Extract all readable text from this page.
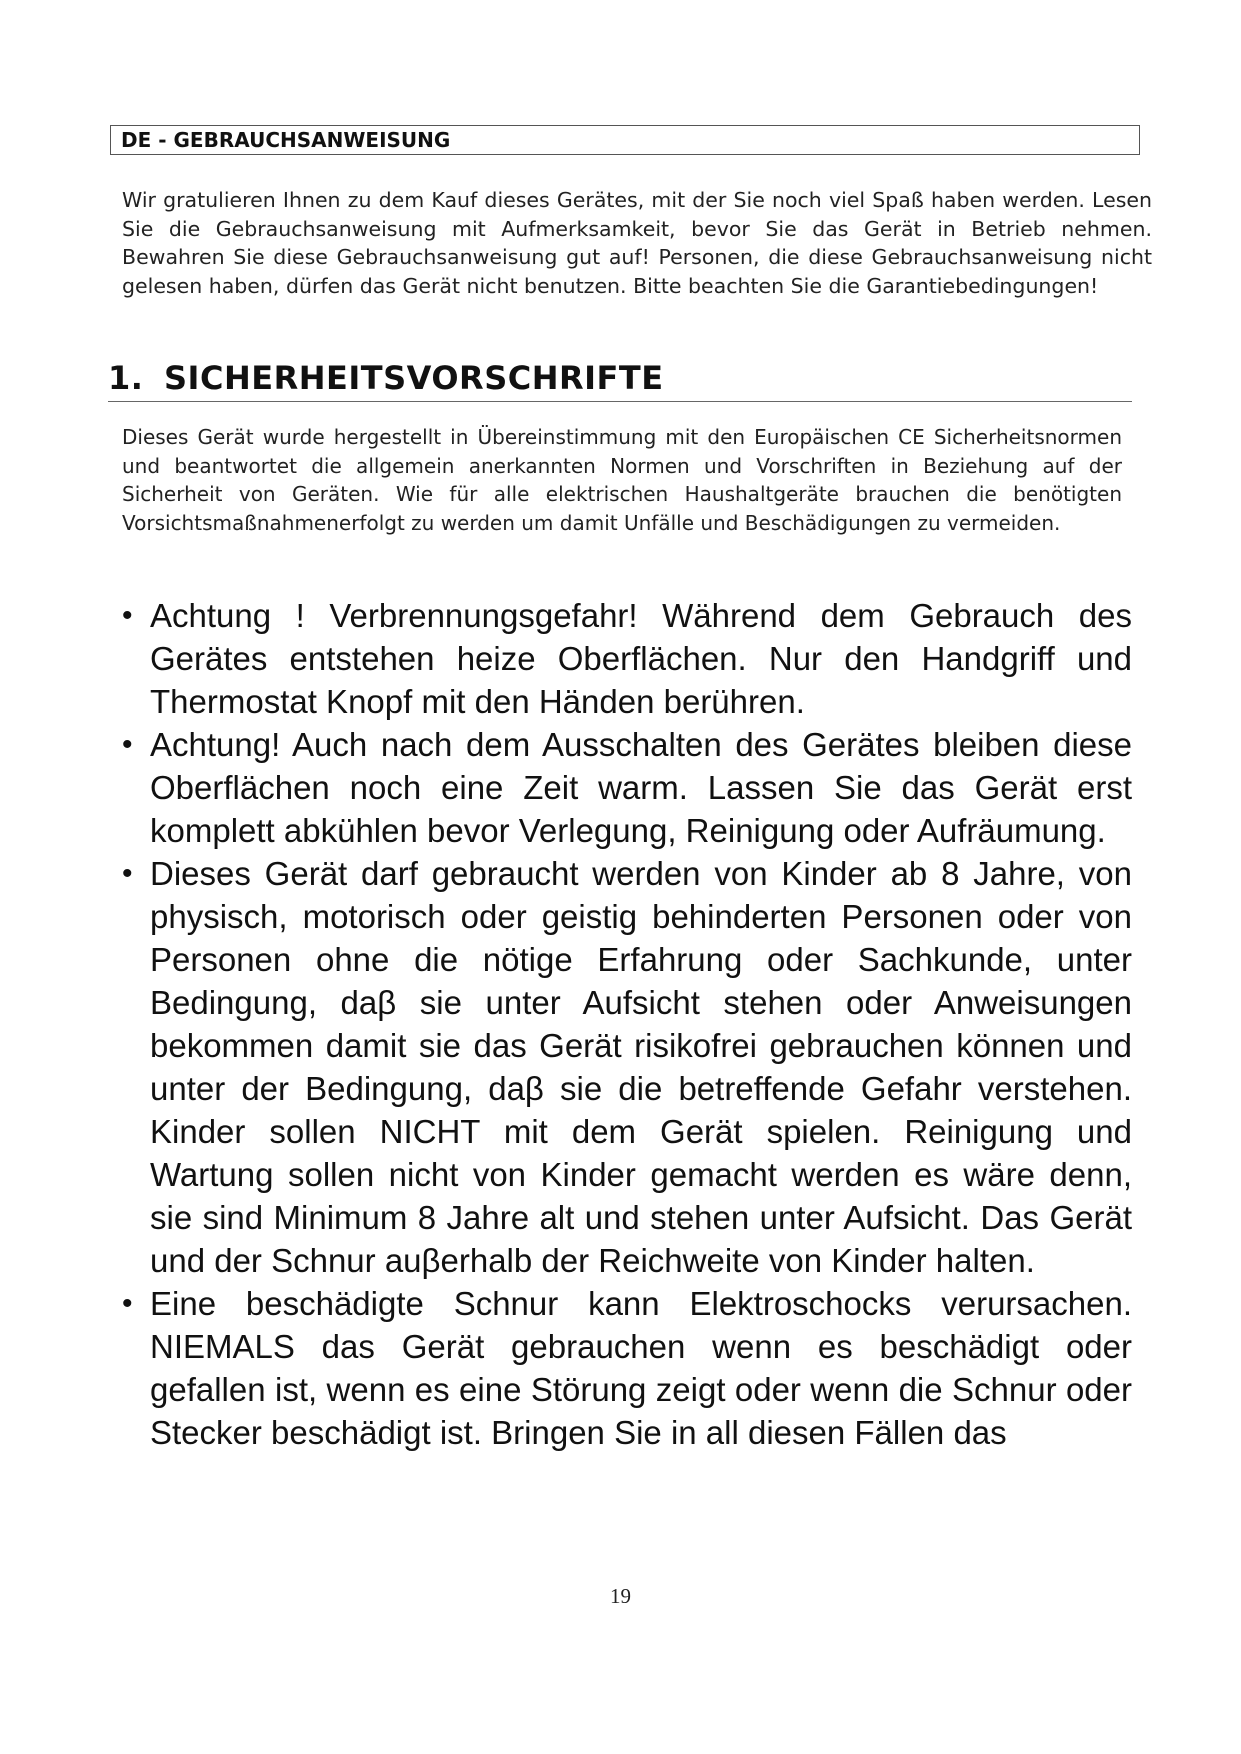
DE - GEBRAUCHSANWEISUNG

Wir gratulieren Ihnen zu dem Kauf dieses Gerätes, mit der Sie noch viel Spaß haben werden. Lesen Sie die Gebrauchsanweisung mit Aufmerksamkeit, bevor Sie das Gerät in Betrieb nehmen. Bewahren Sie diese Gebrauchsanweisung gut auf! Personen, die diese Gebrauchsanweisung nicht gelesen haben, dürfen das Gerät nicht benutzen. Bitte beachten Sie die Garantiebedingungen!

1. SICHERHEITSVORSCHRIFTE

Dieses Gerät wurde hergestellt in Übereinstimmung mit den Europäischen CE Sicherheitsnormen und beantwortet die allgemein anerkannten Normen und Vorschriften in Beziehung auf der Sicherheit von Geräten. Wie für alle elektrischen Haushaltgeräte brauchen die benötigten Vorsichtsmaßnahmenerfolgt zu werden um damit Unfälle und Beschädigungen zu vermeiden.

• Achtung ! Verbrennungsgefahr! Während dem Gebrauch des Gerätes entstehen heize Oberflächen. Nur den Handgriff und Thermostat Knopf mit den Händen berühren.
• Achtung! Auch nach dem Ausschalten des Gerätes bleiben diese Oberflächen noch eine Zeit warm. Lassen Sie das Gerät erst komplett abkühlen bevor Verlegung, Reinigung oder Aufräumung.
• Dieses Gerät darf gebraucht werden von Kinder ab 8 Jahre, von physisch, motorisch oder geistig behinderten Personen oder von Personen ohne die nötige Erfahrung oder Sachkunde, unter Bedingung, daβ sie unter Aufsicht stehen oder Anweisungen bekommen damit sie das Gerät risikofrei gebrauchen können und unter der Bedingung, daβ sie die betreffende Gefahr verstehen. Kinder sollen NICHT mit dem Gerät spielen. Reinigung und Wartung sollen nicht von Kinder gemacht werden es wäre denn, sie sind Minimum 8 Jahre alt und stehen unter Aufsicht. Das Gerät und der Schnur auβerhalb der Reichweite von Kinder halten.
• Eine beschädigte Schnur kann Elektroschocks verursachen. NIEMALS das Gerät gebrauchen wenn es beschädigt oder gefallen ist, wenn es eine Störung zeigt oder wenn die Schnur oder Stecker beschädigt ist. Bringen Sie in all diesen Fällen das
19
